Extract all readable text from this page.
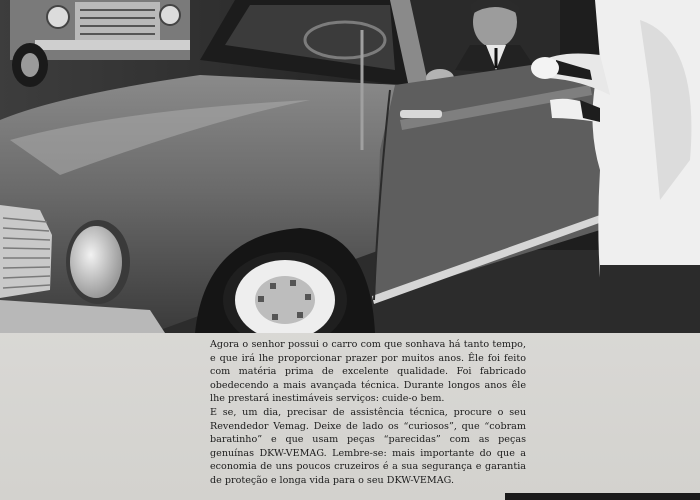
Agora o senhor possui o carro com que sonhava há tanto tempo, e que irá lhe proporcionar prazer por muitos anos. Êle foi feito com matéria prima de excelente qualidade. Foi fabricado obedecendo a mais avançada técnica. Durante longos anos êle lhe prestará inestimáveis serviços: cuide-o bem.

E se, um dia, precisar de assistência técnica, procure o seu Revendedor Vemag. Deixe de lado os “curiosos”, que “cobram baratinho” e que usam peças “parecidas” com as peças genuínas DKW-VEMAG. Lembre-se: mais importante do que a economia de uns poucos cruzeiros é a sua segurança e garantia de proteção e longa vida para o seu DKW-VEMAG.
